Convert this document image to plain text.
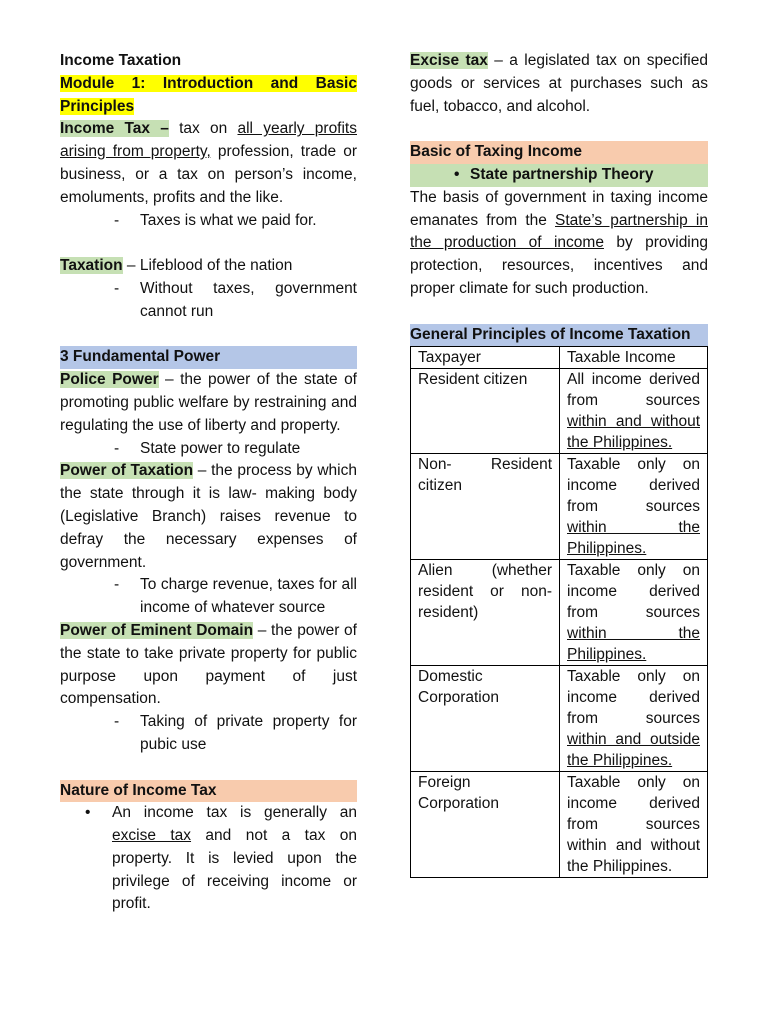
Income Taxation

Module 1: Introduction and Basic Principles

Income Tax – tax on all yearly profits arising from property, profession, trade or business, or a tax on person’s income, emoluments, profits and the like.

- Taxes is what we paid for.

Taxation – Lifeblood of the nation

- Without taxes, government cannot run
3 Fundamental Power

Police Power – the power of the state of promoting public welfare by restraining and regulating the use of liberty and property.

- State power to regulate

Power of Taxation – the process by which the state through it is law- making body (Legislative Branch) raises revenue to defray the necessary expenses of government.

- To charge revenue, taxes for all income of whatever source

Power of Eminent Domain – the power of the state to take private property for public purpose upon payment of just compensation.

- Taking of private property for pubic use
Nature of Income Tax
• An income tax is generally an excise tax and not a tax on property. It is levied upon the privilege of receiving income or profit.

Excise tax – a legislated tax on specified goods or services at purchases such as fuel, tobacco, and alcohol.

Basic of Taxing Income
• State partnership Theory

The basis of government in taxing income emanates from the State’s partnership in the production of income by providing protection, resources, incentives and proper climate for such production.

General Principles of Income Taxation
Taxpayer	Taxable Income
Resident citizen	All income derived from sources within and without the Philippines.
Non- Resident citizen	Taxable only on income derived from sources within the Philippines.
Alien (whether resident or non-resident)	Taxable only on income derived from sources within the Philippines.
Domestic Corporation	Taxable only on income derived from sources within and outside the Philippines.
Foreign Corporation	Taxable only on income derived from sources within and without the Philippines.
